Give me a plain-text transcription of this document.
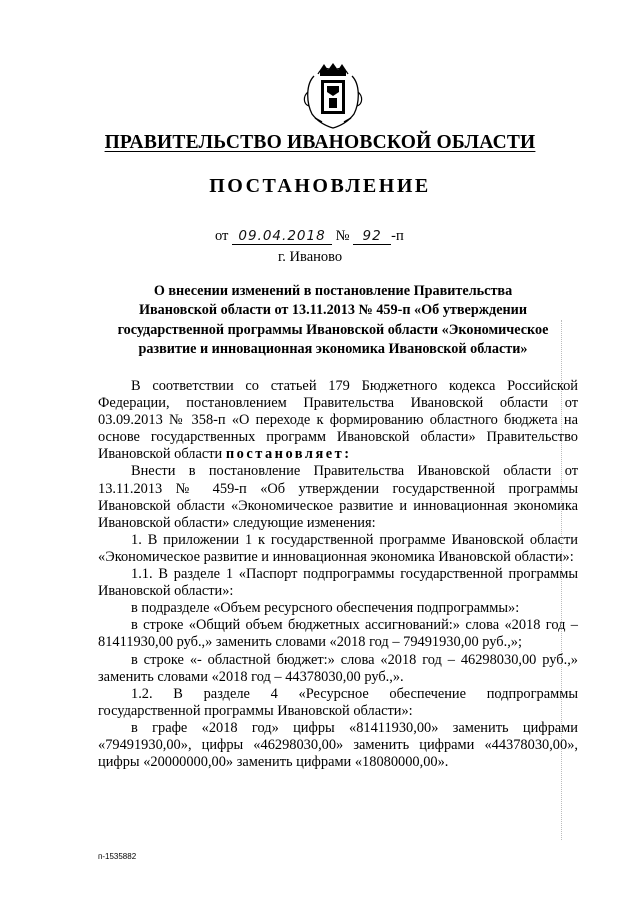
ПРАВИТЕЛЬСТВО ИВАНОВСКОЙ ОБЛАСТИ
ПОСТАНОВЛЕНИЕ
от 09.04.2018 № 92 -п
г. Иваново
О внесении изменений в постановление Правительства
Ивановской области от 13.11.2013 № 459-п «Об утверждении
государственной программы Ивановской области «Экономическое
развитие и инновационная экономика Ивановской области»

В соответствии со статьей 179 Бюджетного кодекса Российской Федерации, постановлением Правительства Ивановской области от 03.09.2013 № 358-п «О переходе к формированию областного бюджета на основе государственных программ Ивановской области» Правительство Ивановской области постановляет:

Внести в постановление Правительства Ивановской области от 13.11.2013 № 459-п «Об утверждении государственной программы Ивановской области «Экономическое развитие и инновационная экономика Ивановской области» следующие изменения:

1. В приложении 1 к государственной программе Ивановской области «Экономическое развитие и инновационная экономика Ивановской области»:

1.1. В разделе 1 «Паспорт подпрограммы государственной программы Ивановской области»:

в подразделе «Объем ресурсного обеспечения подпрограммы»:

в строке «Общий объем бюджетных ассигнований:» слова «2018 год – 81411930,00 руб.,» заменить словами «2018 год – 79491930,00 руб.,»;

в строке «- областной бюджет:» слова «2018 год – 46298030,00 руб.,» заменить словами «2018 год – 44378030,00 руб.,».

1.2. В разделе 4 «Ресурсное обеспечение подпрограммы государственной программы Ивановской области»:

в графе «2018 год» цифры «81411930,00» заменить цифрами «79491930,00», цифры «46298030,00» заменить цифрами «44378030,00», цифры «20000000,00» заменить цифрами «18080000,00».

п-1535882
